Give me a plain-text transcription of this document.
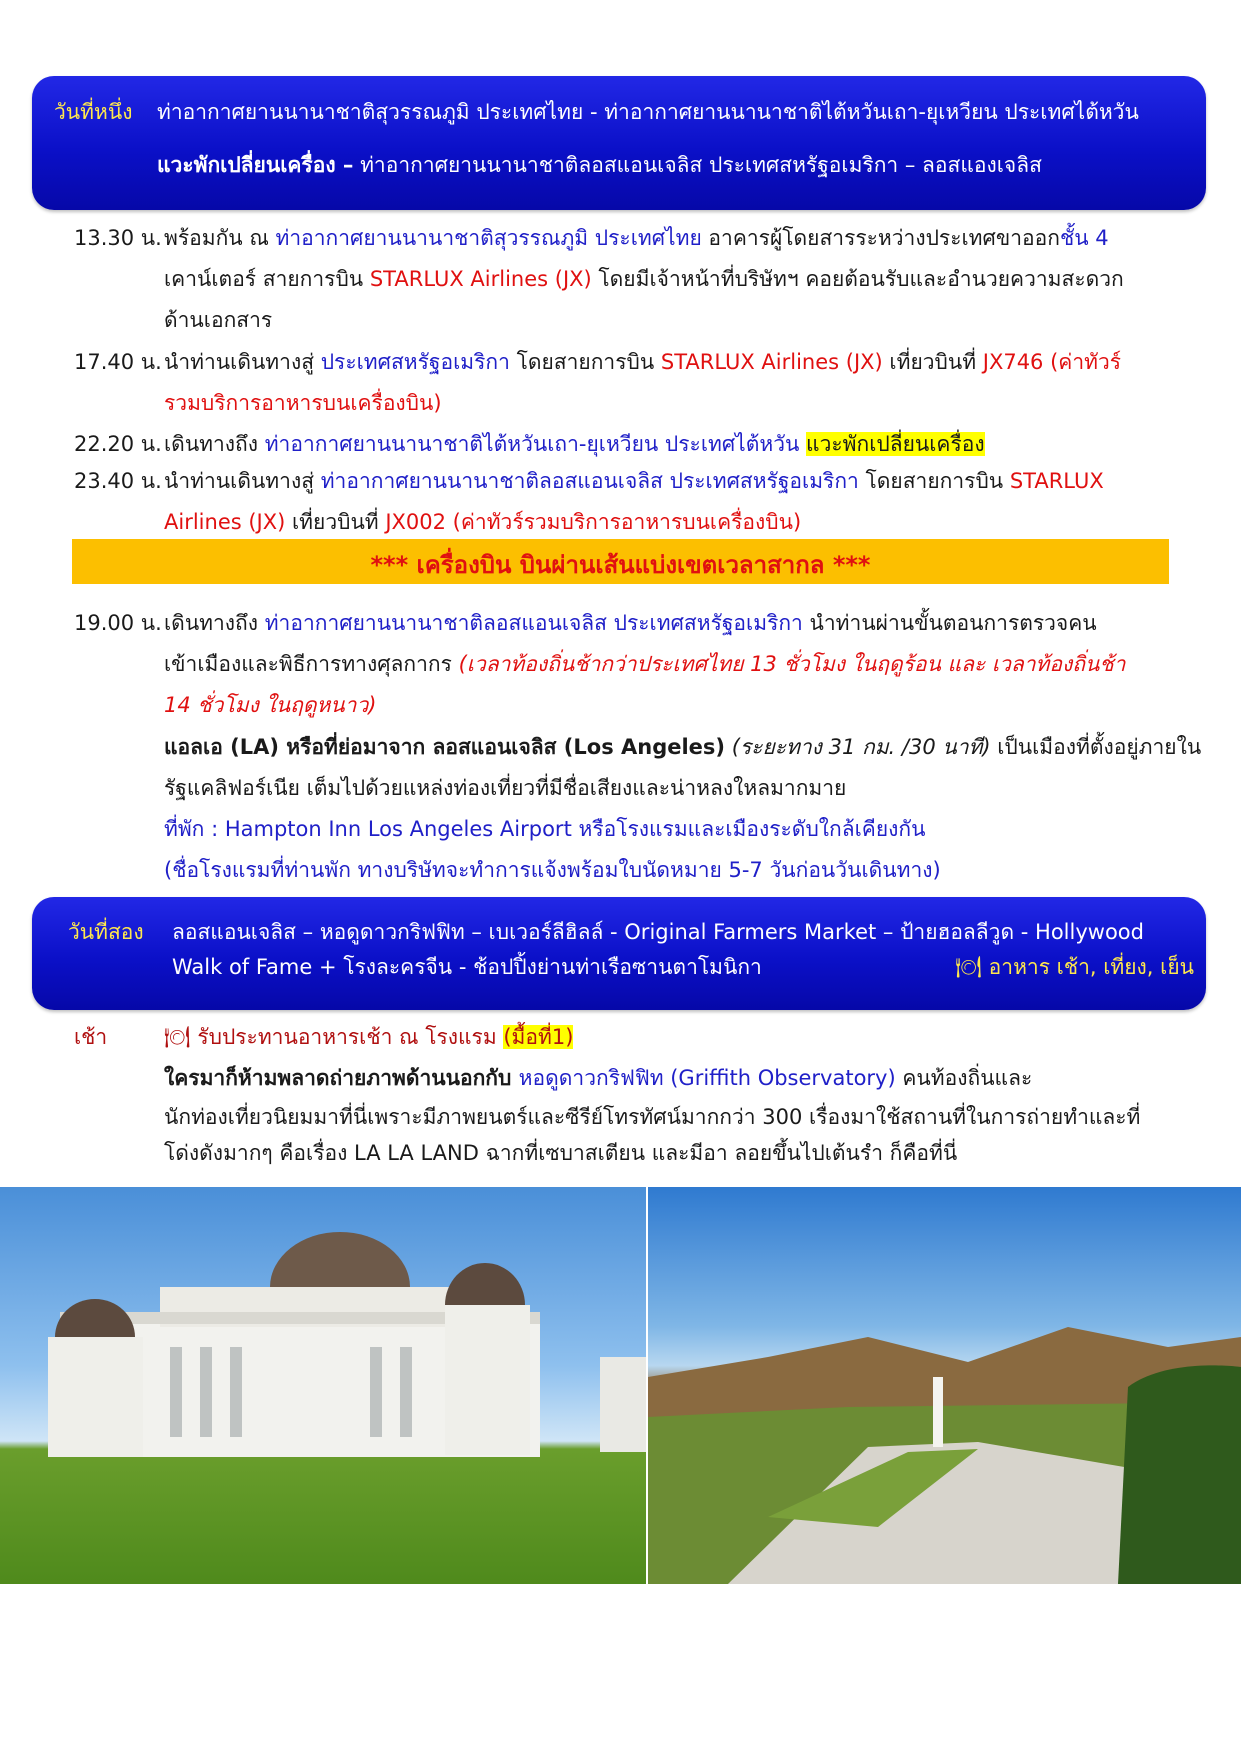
วันที่หนึ่ง ท่าอากาศยานนานาชาติสุวรรณภูมิ ประเทศไทย - ท่าอากาศยานนานาชาติไต้หวันเถา-ยุเหวียน ประเทศไต้หวัน
แวะพักเปลี่ยนเครื่อง – ท่าอากาศยานนานาชาติลอสแอนเจลิส ประเทศสหรัฐอเมริกา – ลอสแองเจลิส
13.30 น. พร้อมกัน ณ ท่าอากาศยานนานาชาติสุวรรณภูมิ ประเทศไทย อาคารผู้โดยสารระหว่างประเทศขาออกชั้น 4
เคาน์เตอร์ สายการบิน STARLUX Airlines (JX) โดยมีเจ้าหน้าที่บริษัทฯ คอยต้อนรับและอำนวยความสะดวก
ด้านเอกสาร
17.40 น. นำท่านเดินทางสู่ ประเทศสหรัฐอเมริกา โดยสายการบิน STARLUX Airlines (JX) เที่ยวบินที่ JX746 (ค่าทัวร์
รวมบริการอาหารบนเครื่องบิน)
22.20 น. เดินทางถึง ท่าอากาศยานนานาชาติไต้หวันเถา-ยุเหวียน ประเทศไต้หวัน แวะพักเปลี่ยนเครื่อง
23.40 น. นำท่านเดินทางสู่ ท่าอากาศยานนานาชาติลอสแอนเจลิส ประเทศสหรัฐอเมริกา โดยสายการบิน STARLUX
Airlines (JX) เที่ยวบินที่ JX002 (ค่าทัวร์รวมบริการอาหารบนเครื่องบิน)
*** เครื่องบิน บินผ่านเส้นแบ่งเขตเวลาสากล ***
19.00 น. เดินทางถึง ท่าอากาศยานนานาชาติลอสแอนเจลิส ประเทศสหรัฐอเมริกา นำท่านผ่านขั้นตอนการตรวจคน
เข้าเมืองและพิธีการทางศุลกากร (เวลาท้องถิ่นช้ากว่าประเทศไทย 13 ชั่วโมง ในฤดูร้อน และ เวลาท้องถิ่นช้า
14 ชั่วโมง ในฤดูหนาว)
แอลเอ (LA) หรือที่ย่อมาจาก ลอสแอนเจลิส (Los Angeles) (ระยะทาง 31 กม. /30 นาที) เป็นเมืองที่ตั้งอยู่ภายใน
รัฐแคลิฟอร์เนีย เต็มไปด้วยแหล่งท่องเที่ยวที่มีชื่อเสียงและน่าหลงใหลมากมาย
ที่พัก : Hampton Inn Los Angeles Airport หรือโรงแรมและเมืองระดับใกล้เคียงกัน
(ชื่อโรงแรมที่ท่านพัก ทางบริษัทจะทำการแจ้งพร้อมใบนัดหมาย 5-7 วันก่อนวันเดินทาง)
วันที่สอง ลอสแอนเจลิส – หอดูดาวกริฟฟิท – เบเวอร์ลีฮิลล์ - Original Farmers Market – ป้ายฮอลลีวูด - Hollywood
Walk of Fame + โรงละครจีน - ช้อปปิ้งย่านท่าเรือซานตาโมนิกา	🍽 อาหาร เช้า, เที่ยง, เย็น
เช้า	🍽 รับประทานอาหารเช้า ณ โรงแรม (มื้อที่1)
ใครมาก็ห้ามพลาดถ่ายภาพด้านนอกกับ หอดูดาวกริฟฟิท (Griffith Observatory) คนท้องถิ่นและ
นักท่องเที่ยวนิยมมาที่นี่เพราะมีภาพยนตร์และซีรีย์โทรทัศน์มากกว่า 300 เรื่องมาใช้สถานที่ในการถ่ายทำและที่
โด่งดังมากๆ คือเรื่อง LA LA LAND ฉากที่เซบาสเตียน และมีอา ลอยขึ้นไปเต้นรำ ก็คือที่นี่
